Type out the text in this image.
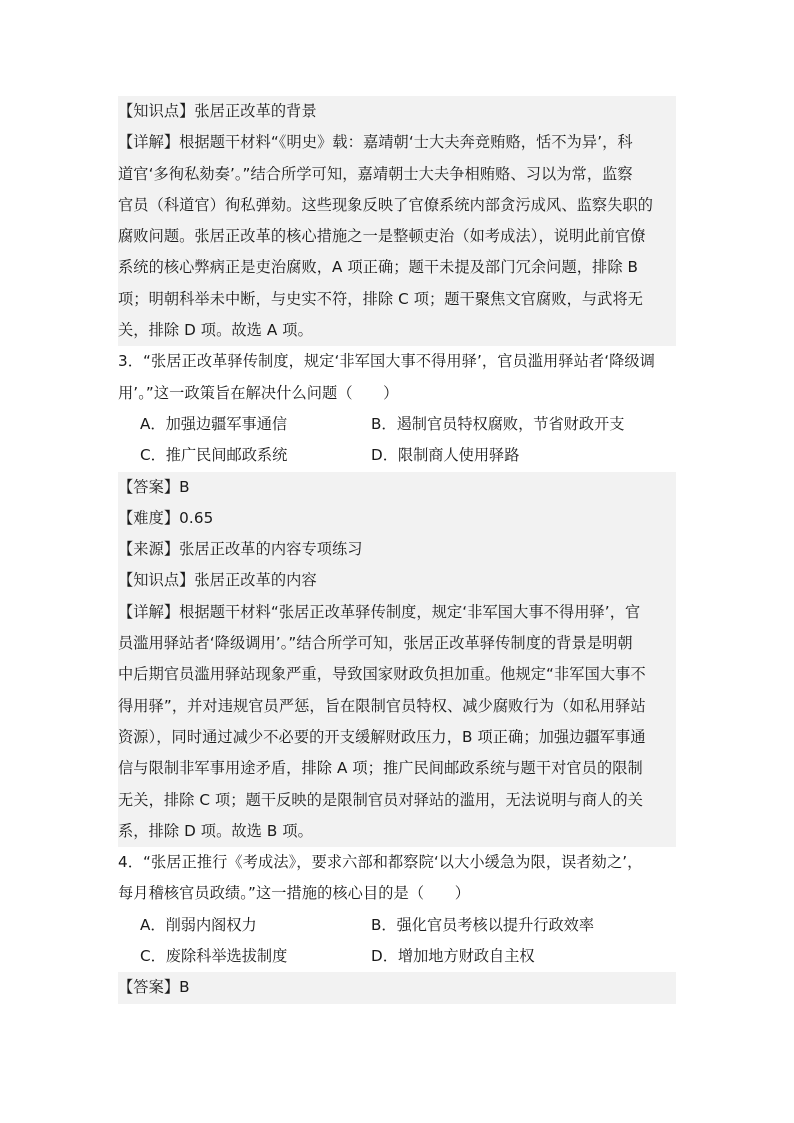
【知识点】张居正改革的背景
【详解】根据题干材料“《明史》载：嘉靖朝‘士大夫奔竞贿赂，恬不为异’，科
道官‘多徇私劾奏’。”结合所学可知，嘉靖朝士大夫争相贿赂、习以为常，监察
官员（科道官）徇私弹劾。这些现象反映了官僚系统内部贪污成风、监察失职的
腐败问题。张居正改革的核心措施之一是整顿吏治（如考成法），说明此前官僚
系统的核心弊病正是吏治腐败，A 项正确；题干未提及部门冗余问题，排除 B
项；明朝科举未中断，与史实不符，排除 C 项；题干聚焦文官腐败，与武将无
关，排除 D 项。故选 A 项。
3．“张居正改革驿传制度，规定‘非军国大事不得用驿’，官员滥用驿站者‘降级调
用’。”这一政策旨在解决什么问题（　　）
A．加强边疆军事通信	B．遏制官员特权腐败，节省财政开支
C．推广民间邮政系统	D．限制商人使用驿路
【答案】B
【难度】0.65
【来源】张居正改革的内容专项练习
【知识点】张居正改革的内容
【详解】根据题干材料“张居正改革驿传制度，规定‘非军国大事不得用驿’，官
员滥用驿站者‘降级调用’。”结合所学可知，张居正改革驿传制度的背景是明朝
中后期官员滥用驿站现象严重，导致国家财政负担加重。他规定“非军国大事不
得用驿”，并对违规官员严惩，旨在限制官员特权、减少腐败行为（如私用驿站
资源），同时通过减少不必要的开支缓解财政压力，B 项正确；加强边疆军事通
信与限制非军事用途矛盾，排除 A 项；推广民间邮政系统与题干对官员的限制
无关，排除 C 项；题干反映的是限制官员对驿站的滥用，无法说明与商人的关
系，排除 D 项。故选 B 项。
4．“张居正推行《考成法》，要求六部和都察院‘以大小缓急为限，误者劾之’，
每月稽核官员政绩。”这一措施的核心目的是（　　）
A．削弱内阁权力	B．强化官员考核以提升行政效率
C．废除科举选拔制度	D．增加地方财政自主权
【答案】B
